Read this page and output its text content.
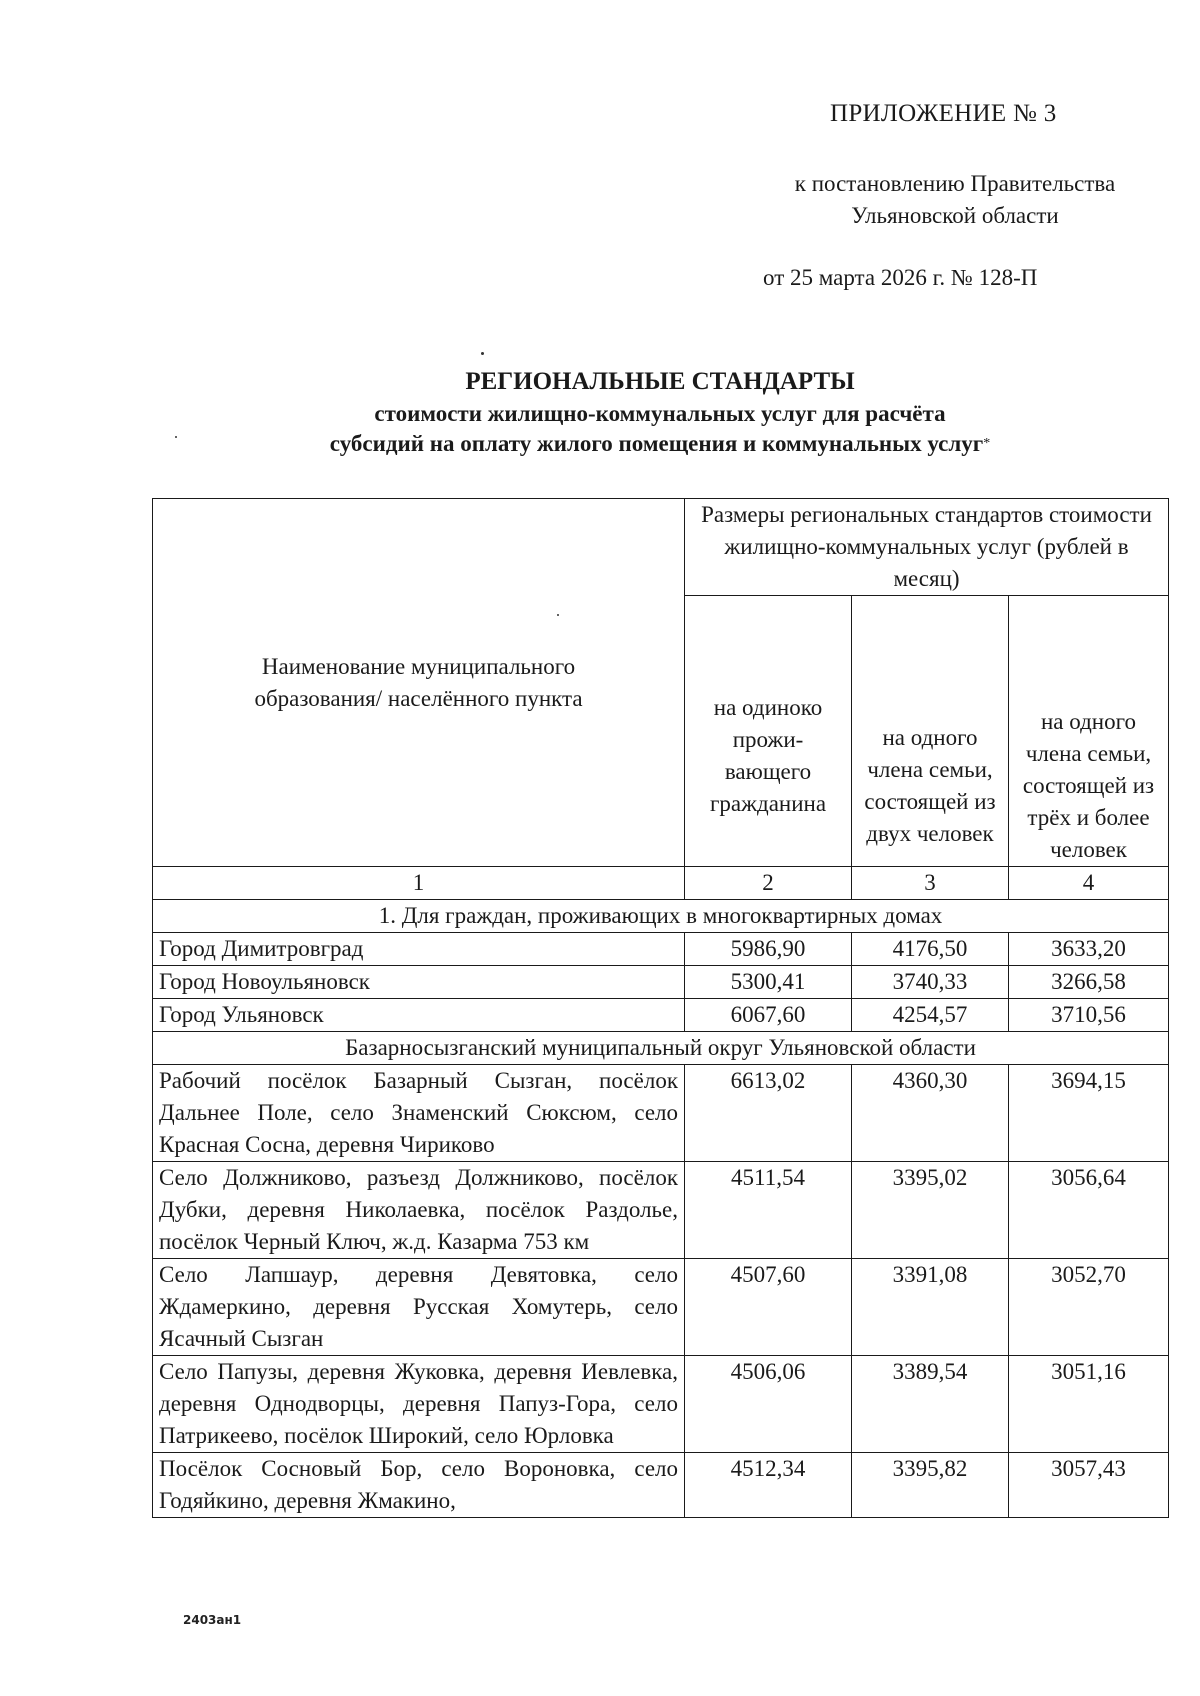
ПРИЛОЖЕНИЕ № 3
к постановлению Правительства
Ульяновской области
от 25 марта 2026 г. № 128-П
РЕГИОНАЛЬНЫЕ СТАНДАРТЫ
стоимости жилищно-коммунальных услуг для расчёта
субсидий на оплату жилого помещения и коммунальных услуг*
Наименование муниципального образования/ населённого пункта	Размеры региональных стандартов стоимости жилищно-коммунальных услуг (рублей в месяц)		
	на одиноко прожи-вающего гражданина	на одного члена семьи, состоящей из двух человек	на одного члена семьи, состоящей из трёх и более человек
1	2	3	4
1. Для граждан, проживающих в многоквартирных домах			
Город Димитровград	5986,90	4176,50	3633,20
Город Новоульяновск	5300,41	3740,33	3266,58
Город Ульяновск	6067,60	4254,57	3710,56
Базарносызганский муниципальный округ Ульяновской области			
Рабочий посёлок Базарный Сызган, посёлок Дальнее Поле, село Знаменский Сюксюм, село Красная Сосна, деревня Чириково	6613,02	4360,30	3694,15
Село Должниково, разъезд Должниково, посёлок Дубки, деревня Николаевка, посёлок Раздолье, посёлок Черный Ключ, ж.д. Казарма 753 км	4511,54	3395,02	3056,64
Село Лапшаур, деревня Девятовка, село Ждамеркино, деревня Русская Хомутерь, село Ясачный Сызган	4507,60	3391,08	3052,70
Село Папузы, деревня Жуковка, деревня Иевлевка, деревня Однодворцы, деревня Папуз-Гора, село Патрикеево, посёлок Широкий, село Юрловка	4506,06	3389,54	3051,16
Посёлок Сосновый Бор, село Вороновка, село Годяйкино, деревня Жмакино,	4512,34	3395,82	3057,43
2403ан1
